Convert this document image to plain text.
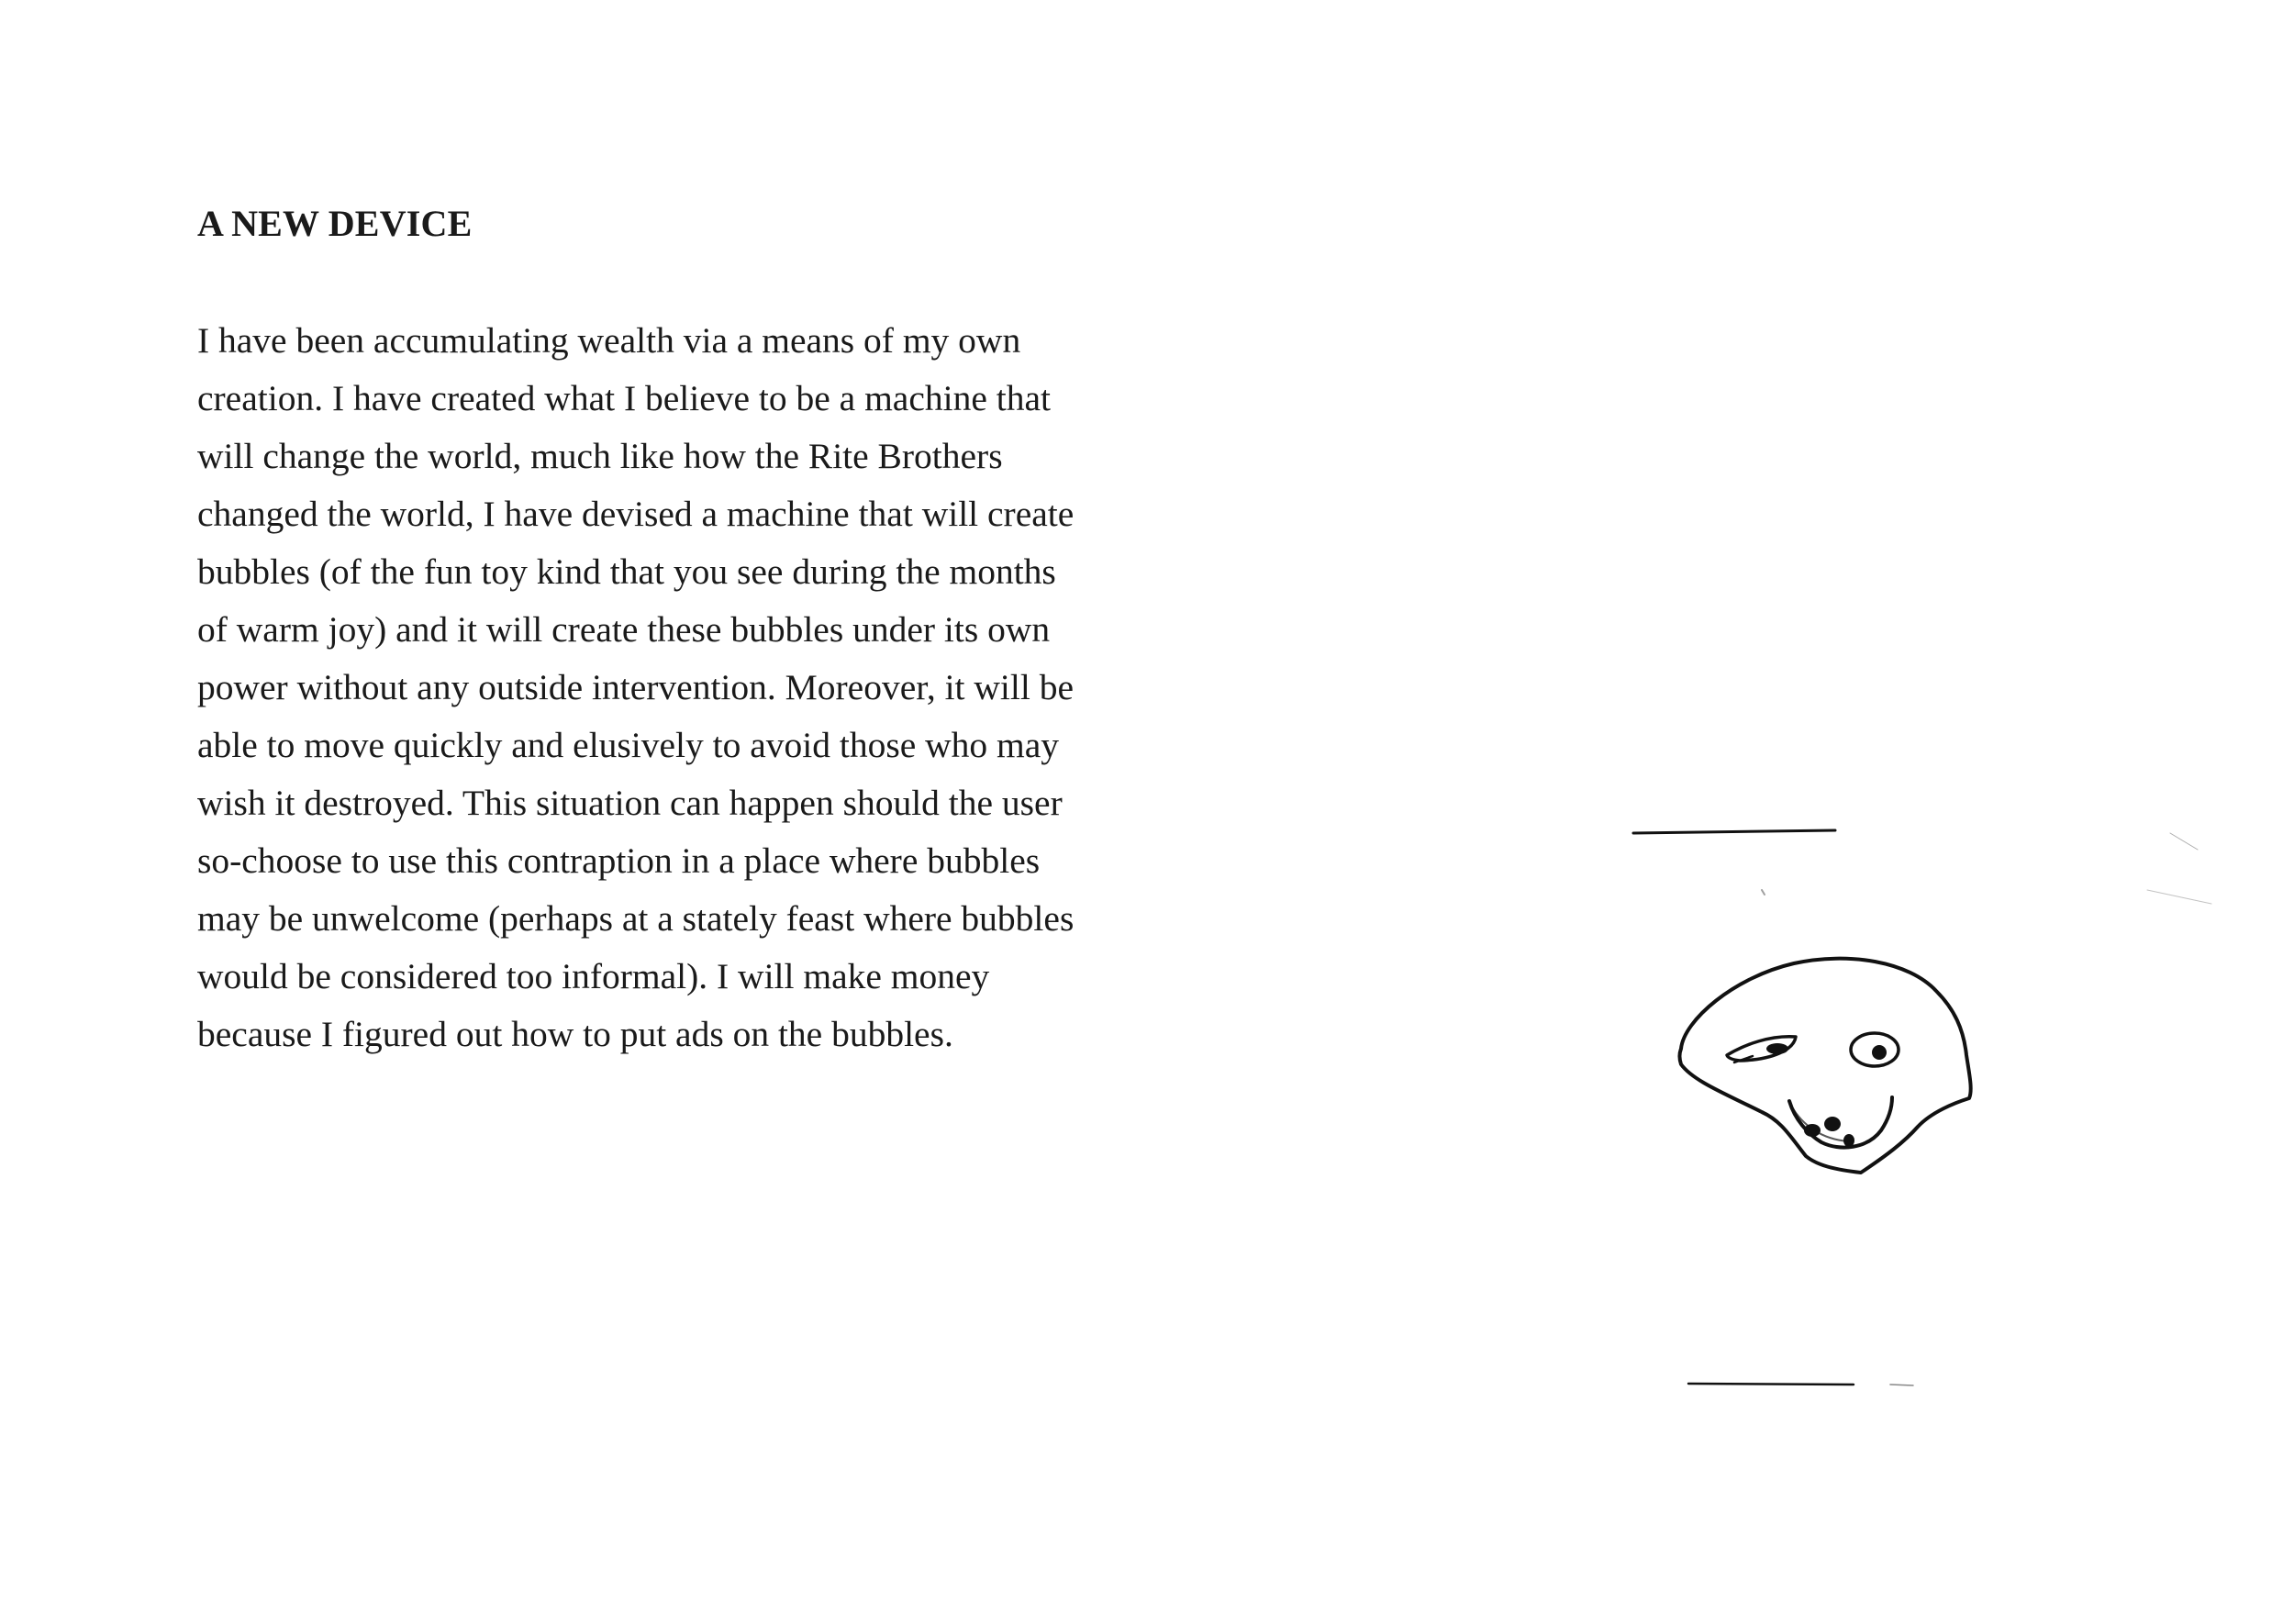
A NEW DEVICE

I have been accumulating wealth via a means of my own
creation. I have created what I believe to be a machine that
will change the world, much like how the Rite Brothers
changed the world, I have devised a machine that will create
bubbles (of the fun toy kind that you see during the months
of warm joy) and it will create these bubbles under its own
power without any outside intervention. Moreover, it will be
able to move quickly and elusively to avoid those who may
wish it destroyed. This situation can happen should the user
so-choose to use this contraption in a place where bubbles
may be unwelcome (perhaps at a stately feast where bubbles
would be considered too informal). I will make money
because I figured out how to put ads on the bubbles.
